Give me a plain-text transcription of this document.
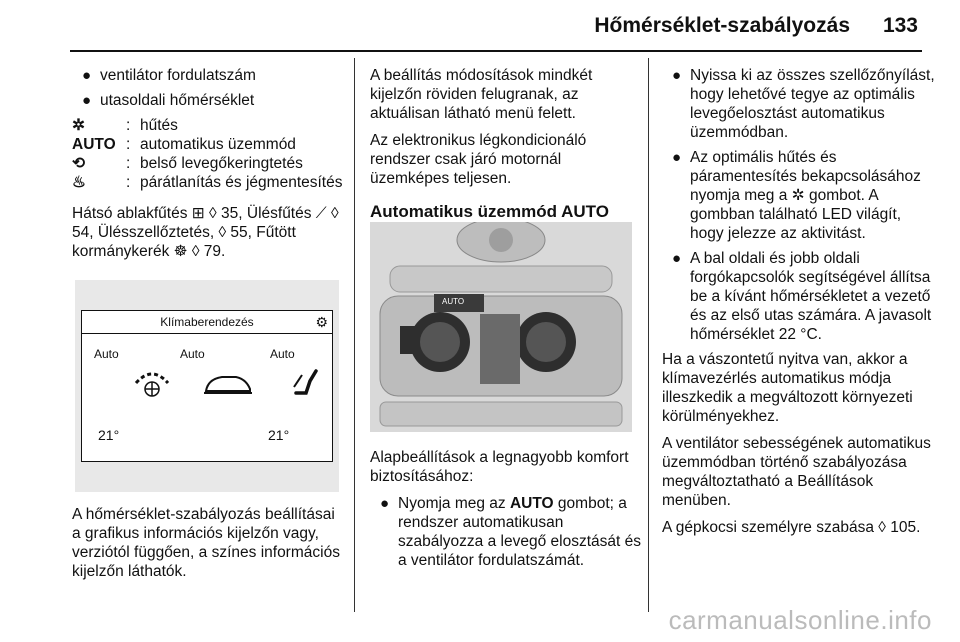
Hőmérséklet-szabályozás 133
● ventilátor fordulatszám
● utasoldali hőmérséklet
✲	:	hűtés
AUTO	:	automatikus üzemmód
⟲	:	belső levegőkeringtetés
♨	:	párátlanítás és jégmentesítés

Hátsó ablakfűtés ⊞ ◊ 35, Ülésfűtés ⟋ ◊ 54, Ülésszellőztetés, ◊ 55, Fűtött kormánykerék ☸ ◊ 79.

Klímaberendezés	⚙
Auto	Auto	Auto
21°	21°

A hőmérséklet-szabályozás beállításai a grafikus információs kijelzőn vagy, verziótól függően, a színes információs kijelzőn láthatók.

A beállítás módosítások mindkét kijelzőn röviden felugranak, az aktuálisan látható menü felett.

Az elektronikus légkondicionáló rendszer csak járó motornál üzemképes teljesen.

Automatikus üzemmód AUTO
AUTO

Alapbeállítások a legnagyobb komfort biztosításához:

● Nyomja meg az AUTO gombot; a rendszer automatikusan szabályozza a levegő elosztását és a ventilátor fordulatszámát.
● Nyissa ki az összes szellőzőnyílást, hogy lehetővé tegye az optimális levegőelosztást automatikus üzemmódban.
● Az optimális hűtés és páramentesítés bekapcsolásához nyomja meg a ✲ gombot. A gombban található LED világít, hogy jelezze az aktivitást.
● A bal oldali és jobb oldali forgókapcsolók segítségével állítsa be a kívánt hőmérsékletet a vezető és az első utas számára. A javasolt hőmérséklet 22 °C.

Ha a vászontetű nyitva van, akkor a klímavezérlés automatikus módja illeszkedik a megváltozott környezeti körülményekhez.

A ventilátor sebességének automatikus üzemmódban történő szabályozása megváltoztatható a Beállítások menüben.

A gépkocsi személyre szabása ◊ 105.

carmanualsonline.info
